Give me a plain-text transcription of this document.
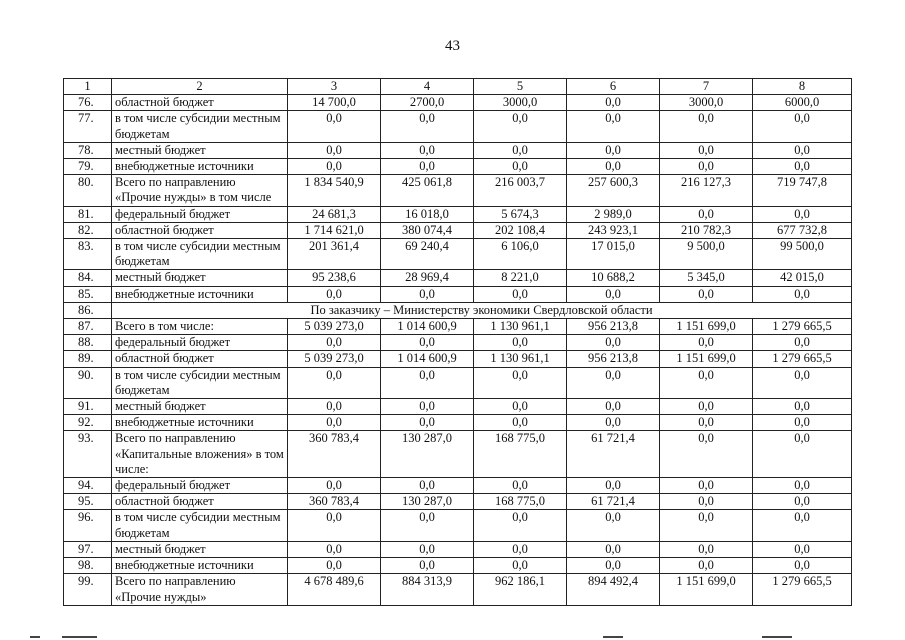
43
1	2	3	4	5	6	7	8
76.	областной бюджет	14 700,0	2700,0	3000,0	0,0	3000,0	6000,0
77.	в том числе субсидии местным бюджетам	0,0	0,0	0,0	0,0	0,0	0,0
78.	местный бюджет	0,0	0,0	0,0	0,0	0,0	0,0
79.	внебюджетные источники	0,0	0,0	0,0	0,0	0,0	0,0
80.	Всего по направлению «Прочие нужды» в том числе	1 834 540,9	425 061,8	216 003,7	257 600,3	216 127,3	719 747,8
81.	федеральный бюджет	24 681,3	16 018,0	5 674,3	2 989,0	0,0	0,0
82.	областной бюджет	1 714 621,0	380 074,4	202 108,4	243 923,1	210 782,3	677 732,8
83.	в том числе субсидии местным бюджетам	201 361,4	69 240,4	6 106,0	17 015,0	9 500,0	99 500,0
84.	местный бюджет	95 238,6	28 969,4	8 221,0	10 688,2	5 345,0	42 015,0
85.	внебюджетные источники	0,0	0,0	0,0	0,0	0,0	0,0
86.	По заказчику – Министерству экономики Свердловской области						
87.	Всего в том числе:	5 039 273,0	1 014 600,9	1 130 961,1	956 213,8	1 151 699,0	1 279 665,5
88.	федеральный бюджет	0,0	0,0	0,0	0,0	0,0	0,0
89.	областной бюджет	5 039 273,0	1 014 600,9	1 130 961,1	956 213,8	1 151 699,0	1 279 665,5
90.	в том числе субсидии местным бюджетам	0,0	0,0	0,0	0,0	0,0	0,0
91.	местный бюджет	0,0	0,0	0,0	0,0	0,0	0,0
92.	внебюджетные источники	0,0	0,0	0,0	0,0	0,0	0,0
93.	Всего по направлению «Капитальные вложения» в том числе:	360 783,4	130 287,0	168 775,0	61 721,4	0,0	0,0
94.	федеральный бюджет	0,0	0,0	0,0	0,0	0,0	0,0
95.	областной бюджет	360 783,4	130 287,0	168 775,0	61 721,4	0,0	0,0
96.	в том числе субсидии местным бюджетам	0,0	0,0	0,0	0,0	0,0	0,0
97.	местный бюджет	0,0	0,0	0,0	0,0	0,0	0,0
98.	внебюджетные источники	0,0	0,0	0,0	0,0	0,0	0,0
99.	Всего по направлению «Прочие нужды»	4 678 489,6	884 313,9	962 186,1	894 492,4	1 151 699,0	1 279 665,5
